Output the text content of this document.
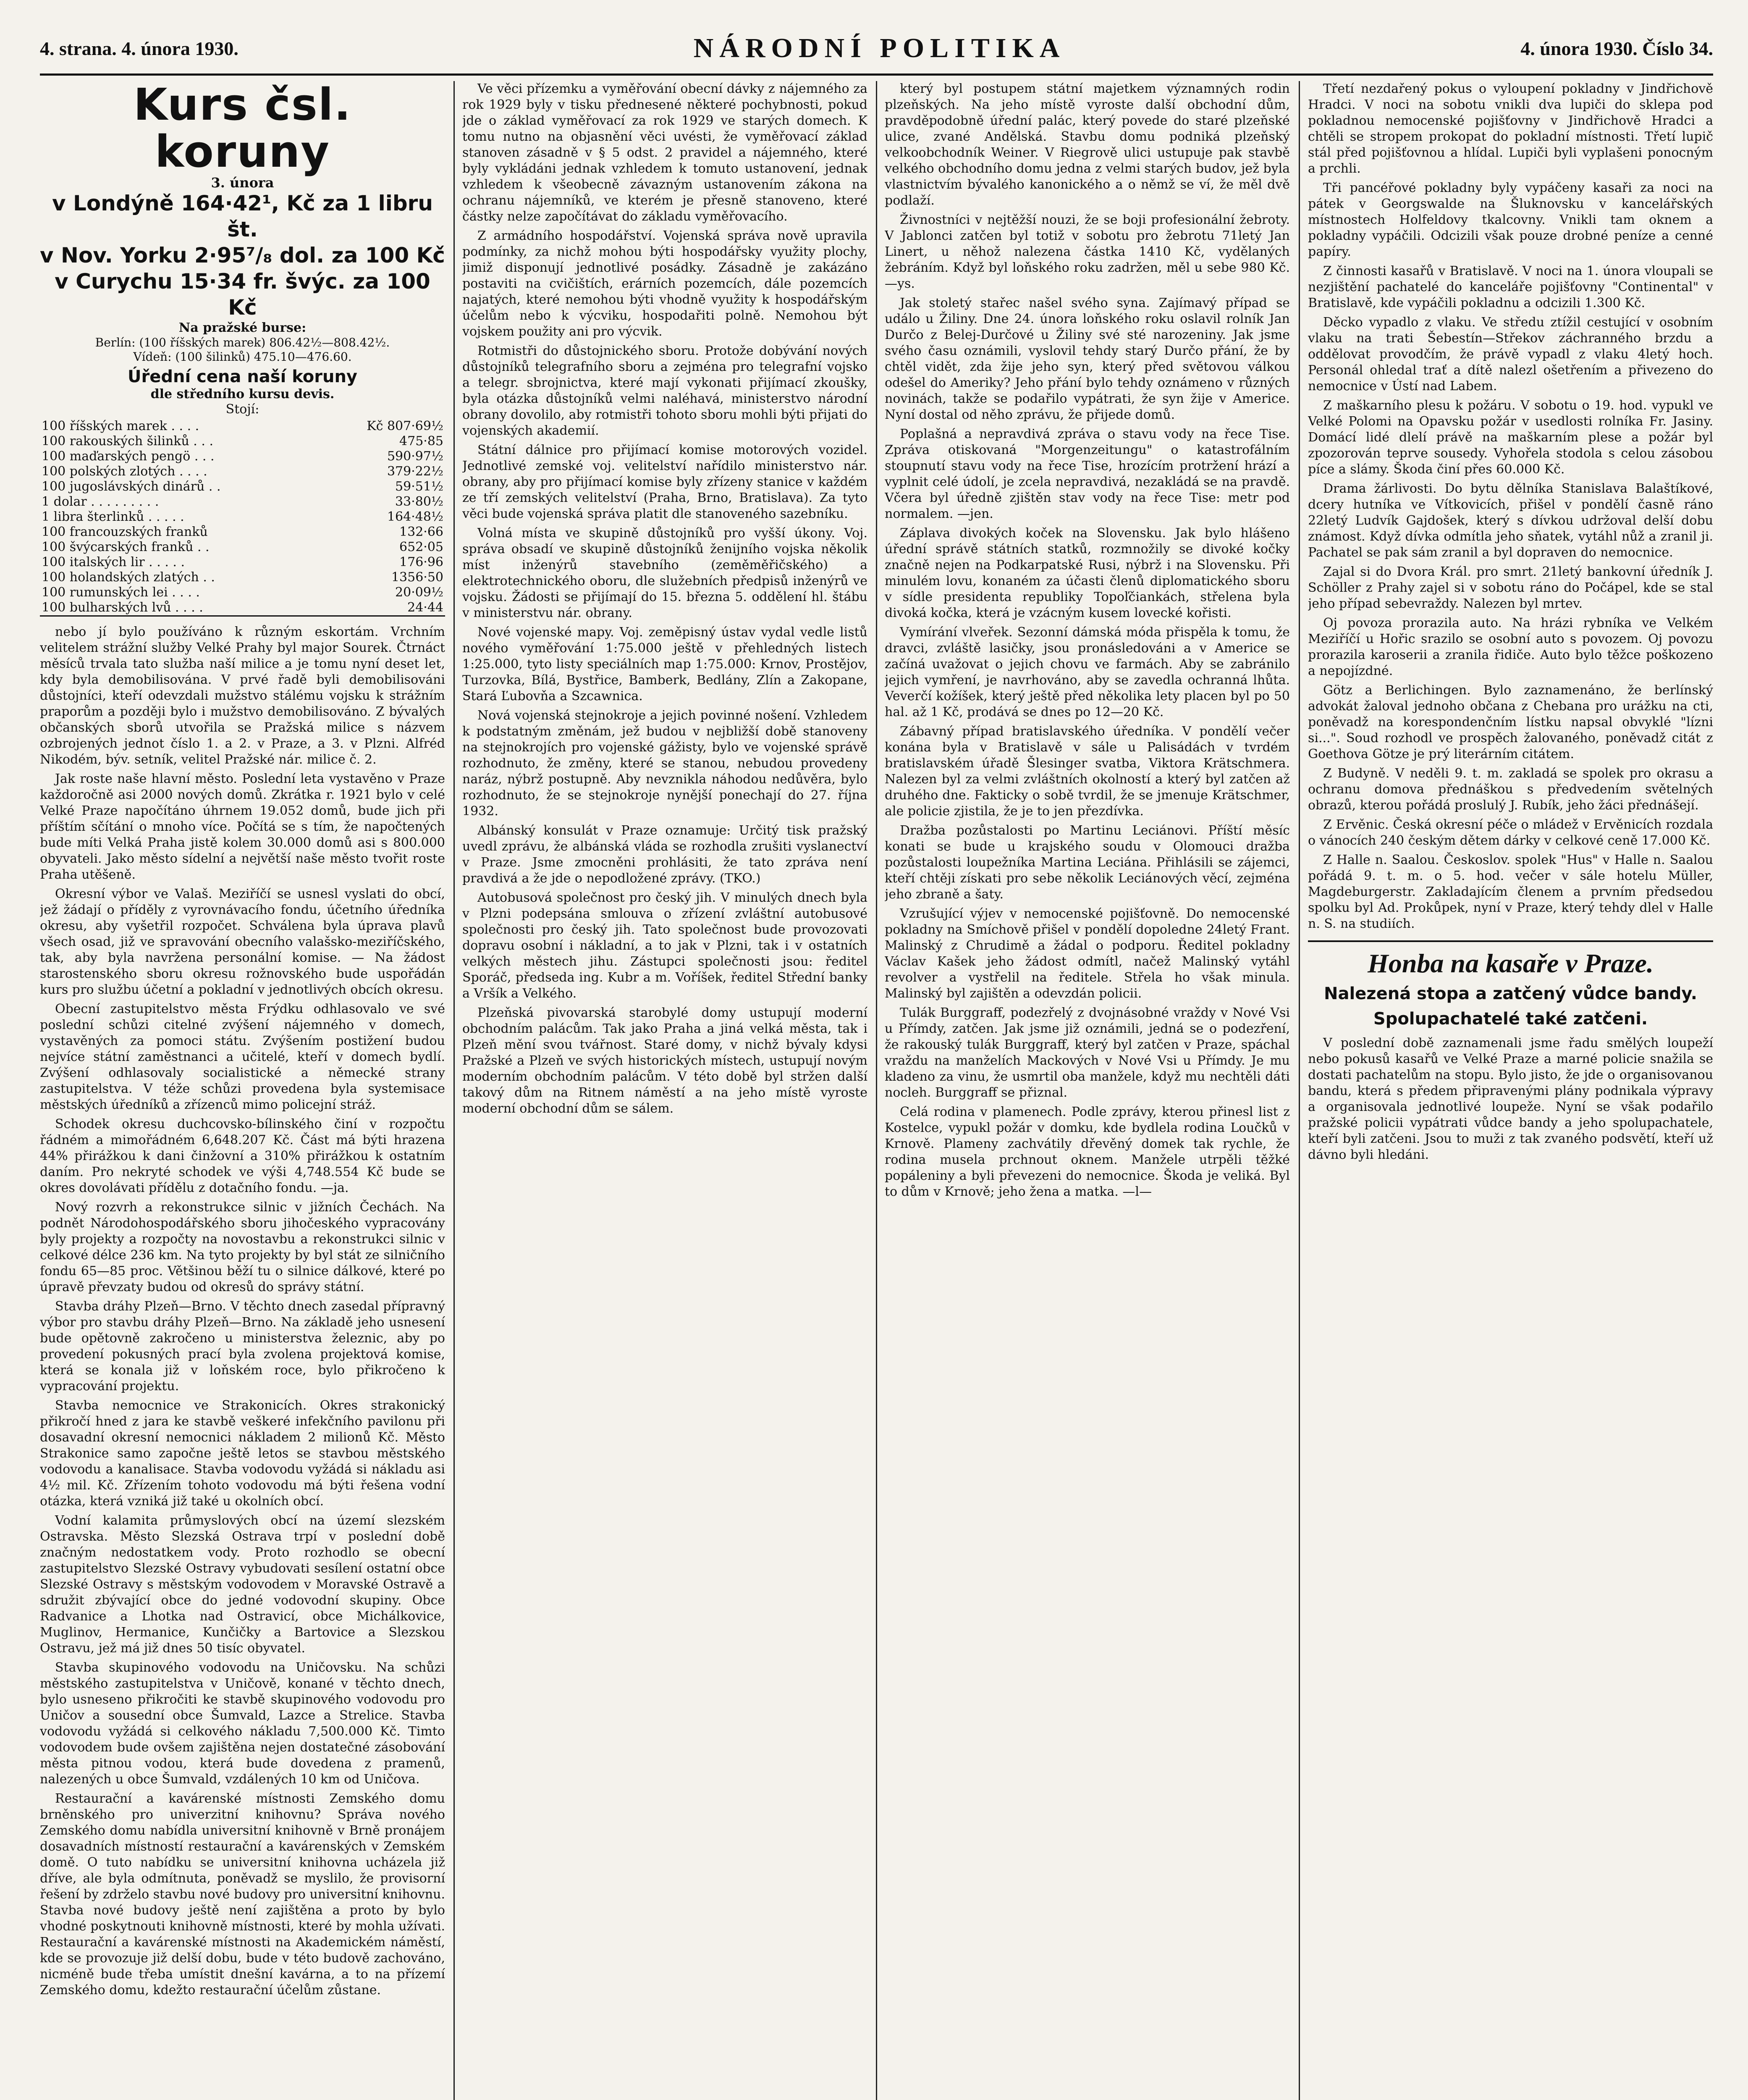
4. strana. 4. února 1930.	NÁRODNÍ POLITIKA	4. února 1930. Číslo 34.
Kurs čsl. koruny
3. února
v Londýně 164·42¹, Kč za 1 libru št.
v Nov. Yorku 2·95⁷/₈ dol. za 100 Kč
v Curychu 15·34 fr. švýc. za 100 Kč
Na pražské burse:
Berlín: (100 říšských marek) 806.42½—808.42½.
Vídeň: (100 šilinků) 475.10—476.60.
Úřední cena naší koruny
dle středního kursu devis.
Stojí:
100 říšských marek . . . .	Kč 807·69½
100 rakouských šilinků . . .	475·85
100 maďarských pengö . . .	590·97½
100 polských zlotých . . . .	379·22½
100 jugoslávských dinárů . .	59·51½
1 dolar . . . . . . . . .	33·80½
1 libra šterlinků . . . . .	164·48½
100 francouzských franků	132·66
100 švýcarských franků . .	652·05
100 italských lir . . . . .	176·96
100 holandských zlatých . .	1356·50
100 rumunských lei . . . .	20·09½
100 bulharských lvů . . . .	24·44

nebo jí bylo používáno k různým eskortám. Vrchním velitelem strážní služby Velké Prahy byl major Sourek. Čtrnáct měsíců trvala tato služba naší milice a je tomu nyní deset let, kdy byla demobilisována. V prvé řadě byli demobilisováni důstojníci, kteří odevzdali mužstvo stálému vojsku k strážním praporům a později bylo i mužstvo demobilisováno. Z bývalých občanských sborů utvořila se Pražská milice s názvem ozbrojených jednot číslo 1. a 2. v Praze, a 3. v Plzni. Alfréd Nikodém, býv. setník, velitel Pražské nár. milice č. 2.

Jak roste naše hlavní město. Poslední leta vystavěno v Praze každoročně asi 2000 nových domů. Zkrátka r. 1921 bylo v celé Velké Praze napočítáno úhrnem 19.052 domů, bude jich při příštím sčítání o mnoho více. Počítá se s tím, že napočtených bude míti Velká Praha jistě kolem 30.000 domů asi s 800.000 obyvateli. Jako město sídelní a největší naše město tvořit roste Praha utěšeně.

Okresní výbor ve Valaš. Meziříčí se usnesl vyslati do obcí, jež žádají o příděly z vyrovnávacího fondu, účetního úředníka okresu, aby vyšetřil rozpočet. Schválena byla úprava plavů všech osad, již ve spravování obecního valašsko-meziříčského, tak, aby byla navržena personální komise. — Na žádost starostenského sboru okresu rožnovského bude uspořádán kurs pro službu účetní a pokladní v jednotlivých obcích okresu.

Obecní zastupitelstvo města Frýdku odhlasovalo ve své poslední schůzi citelné zvýšení nájemného v domech, vystavěných za pomoci státu. Zvýšením postižení budou nejvíce státní zaměstnanci a učitelé, kteří v domech bydlí. Zvýšení odhlasovaly socialistické a německé strany zastupitelstva. V téže schůzi provedena byla systemisace městských úředníků a zřízenců mimo policejní stráž.

Schodek okresu duchcovsko-bílinského činí v rozpočtu řádném a mimořádném 6,648.207 Kč. Část má býti hrazena 44% přirážkou k dani činžovní a 310% přirážkou k ostatním daním. Pro nekryté schodek ve výši 4,748.554 Kč bude se okres dovolávati přídělu z dotačního fondu. —ja.

Nový rozvrh a rekonstrukce silnic v jižních Čechách. Na podnět Národohospodářského sboru jihočeského vypracovány byly projekty a rozpočty na novostavbu a rekonstrukci silnic v celkové délce 236 km. Na tyto projekty by byl stát ze silničního fondu 65—85 proc. Většinou běží tu o silnice dálkové, které po úpravě převzaty budou od okresů do správy státní.

Stavba dráhy Plzeň—Brno. V těchto dnech zasedal přípravný výbor pro stavbu dráhy Plzeň—Brno. Na základě jeho usnesení bude opětovně zakročeno u ministerstva železnic, aby po provedení pokusných prací byla zvolena projektová komise, která se konala již v loňském roce, bylo přikročeno k vypracování projektu.

Stavba nemocnice ve Strakonicích. Okres strakonický přikročí hned z jara ke stavbě veškeré infekčního pavilonu při dosavadní okresní nemocnici nákladem 2 milionů Kč. Město Strakonice samo započne ještě letos se stavbou městského vodovodu a kanalisace. Stavba vodovodu vyžádá si nákladu asi 4½ mil. Kč. Zřízením tohoto vodovodu má býti řešena vodní otázka, která vzniká již také u okolních obcí.

Vodní kalamita průmyslových obcí na území slezském Ostravska. Město Slezská Ostrava trpí v poslední době značným nedostatkem vody. Proto rozhodlo se obecní zastupitelstvo Slezské Ostravy vybudovati sesílení ostatní obce Slezské Ostravy s městským vodovodem v Moravské Ostravě a sdružit zbývající obce do jedné vodovodní skupiny. Obce Radvanice a Lhotka nad Ostravicí, obce Michálkovice, Muglinov, Hermanice, Kunčičky a Bartovice a Slezskou Ostravu, jež má již dnes 50 tisíc obyvatel.

Stavba skupinového vodovodu na Uničovsku. Na schůzi městského zastupitelstva v Uničově, konané v těchto dnech, bylo usneseno přikročiti ke stavbě skupinového vodovodu pro Uničov a sousední obce Šumvald, Lazce a Strelice. Stavba vodovodu vyžádá si celkového nákladu 7,500.000 Kč. Timto vodovodem bude ovšem zajištěna nejen dostatečné zásobování města pitnou vodou, která bude dovedena z pramenů, nalezených u obce Šumvald, vzdálených 10 km od Uničova.

Restaurační a kavárenské místnosti Zemského domu brněnského pro univerzitní knihovnu? Správa nového Zemského domu nabídla universitní knihovně v Brně pronájem dosavadních místností restaurační a kavárenských v Zemském domě. O tuto nabídku se universitní knihovna ucházela již dříve, ale byla odmítnuta, poněvadž se myslilo, že provisorní řešení by zdrželo stavbu nové budovy pro universitní knihovnu. Stavba nové budovy ještě není zajištěna a proto by bylo vhodné poskytnouti knihovně místnosti, které by mohla užívati. Restaurační a kavárenské místnosti na Akademickém náměstí, kde se provozuje již delší dobu, bude v této budově zachováno, nicméně bude třeba umístit dnešní kavárna, a to na přízemí Zemského domu, kdežto restaurační účelům zůstane.

Ve věci přízemku a vyměřování obecní dávky z nájemného za rok 1929 byly v tisku přednesené některé pochybnosti, pokud jde o základ vyměřovací za rok 1929 ve starých domech. K tomu nutno na objasnění věci uvésti, že vyměřovací základ stanoven zásadně v § 5 odst. 2 pravidel a nájemného, které byly vykládáni jednak vzhledem k tomuto ustanovení, jednak vzhledem k všeobecně závazným ustanovením zákona na ochranu nájemníků, ve kterém je přesně stanoveno, které částky nelze započítávat do základu vyměřovacího.

Z armádního hospodářství. Vojenská správa nově upravila podmínky, za nichž mohou býti hospodářsky využity plochy, jimiž disponují jednotlivé posádky. Zásadně je zakázáno postaviti na cvičištích, erárních pozemcích, dále pozemcích najatých, které nemohou býti vhodně využity k hospodářským účelům nebo k výcviku, hospodařiti polně. Nemohou být vojskem použity ani pro výcvik.

Rotmistři do důstojnického sboru. Protože dobývání nových důstojníků telegrafního sboru a zejména pro telegrafní vojsko a telegr. sbrojnictva, které mají vykonati přijímací zkoušky, byla otázka důstojníků velmi naléhavá, ministerstvo národní obrany dovolilo, aby rotmistři tohoto sboru mohli býti přijati do vojenských akademií.

Státní dálnice pro přijímací komise motorových vozidel. Jednotlivé zemské voj. velitelství nařídilo ministerstvo nár. obrany, aby pro přijímací komise byly zřízeny stanice v každém ze tří zemských velitelství (Praha, Brno, Bratislava). Za tyto věci bude vojenská správa platit dle stanoveného sazebníku.

Volná místa ve skupině důstojníků pro vyšší úkony. Voj. správa obsadí ve skupině důstojníků ženijního vojska několik míst inženýrů stavebního (zeměměřičského) a elektrotechnického oboru, dle služebních předpisů inženýrů ve vojsku. Žádosti se přijímají do 15. března 5. oddělení hl. štábu v ministerstvu nár. obrany.

Nové vojenské mapy. Voj. zeměpisný ústav vydal vedle listů nového vyměřování 1:75.000 ještě v přehledných listech 1:25.000, tyto listy speciálních map 1:75.000: Krnov, Prostějov, Turzovka, Bílá, Bystřice, Bamberk, Bedlány, Zlín a Zakopane, Stará Ľubovňa a Szcawnica.

Nová vojenská stejnokroje a jejich povinné nošení. Vzhledem k podstatným změnám, jež budou v nejbližší době stanoveny na stejnokrojích pro vojenské gážisty, bylo ve vojenské správě rozhodnuto, že změny, které se stanou, nebudou provedeny naráz, nýbrž postupně. Aby nevznikla náhodou nedůvěra, bylo rozhodnuto, že se stejnokroje nynější ponechají do 27. října 1932.

Albánský konsulát v Praze oznamuje: Určitý tisk pražský uvedl zprávu, že albánská vláda se rozhodla zrušiti vyslanectví v Praze. Jsme zmocněni prohlásiti, že tato zpráva není pravdivá a že jde o nepodložené zprávy. (TKO.)

Autobusová společnost pro český jih. V minulých dnech byla v Plzni podepsána smlouva o zřízení zvláštní autobusové společnosti pro český jih. Tato společnost bude provozovati dopravu osobní i nákladní, a to jak v Plzni, tak i v ostatních velkých městech jihu. Zástupci společnosti jsou: ředitel Sporáč, předseda ing. Kubr a m. Voříšek, ředitel Střední banky a Vršík a Velkého.

Plzeňská pivovarská starobylé domy ustupují moderní obchodním palácům. Tak jako Praha a jiná velká města, tak i Plzeň mění svou tvářnost. Staré domy, v nichž bývaly kdysi Pražské a Plzeň ve svých historických místech, ustupují novým moderním obchodním palácům. V této době byl stržen další takový dům na Ritnem náměstí a na jeho místě vyroste moderní obchodní dům se sálem.

který byl postupem státní majetkem významných rodin plzeňských. Na jeho místě vyroste další obchodní dům, pravděpodobně úřední palác, který povede do staré plzeňské ulice, zvané Andělská. Stavbu domu podniká plzeňský velkoobchodník Weiner. V Riegrově ulici ustupuje pak stavbě velkého obchodního domu jedna z velmi starých budov, jež byla vlastnictvím bývalého kanonického a o němž se ví, že měl dvě podlaží.

Živnostníci v nejtěžší nouzi, že se boji profesionální žebroty. V Jablonci zatčen byl totiž v sobotu pro žebrotu 71letý Jan Linert, u něhož nalezena částka 1410 Kč, vydělaných žebráním. Když byl loňského roku zadržen, měl u sebe 980 Kč. —ys.

Jak stoletý stařec našel svého syna. Zajímavý případ se událo u Žiliny. Dne 24. února loňského roku oslavil rolník Jan Durčo z Belej-Durčové u Žiliny své sté narozeniny. Jak jsme svého času oznámili, vyslovil tehdy starý Durčo přání, že by chtěl vidět, zda žije jeho syn, který před světovou válkou odešel do Ameriky? Jeho přání bylo tehdy oznámeno v různých novinách, takže se podařilo vypátrati, že syn žije v Americe. Nyní dostal od něho zprávu, že přijede domů.

Poplašná a nepravdivá zpráva o stavu vody na řece Tise. Zpráva otiskovaná "Morgenzeitungu" o katastrofálním stoupnutí stavu vody na řece Tise, hrozícím protržení hrází a vyplnit celé údolí, je zcela nepravdivá, nezakládá se na pravdě. Včera byl úředně zjištěn stav vody na řece Tise: metr pod normalem. —jen.

Záplava divokých koček na Slovensku. Jak bylo hlášeno úřední správě státních statků, rozmnožily se divoké kočky značně nejen na Podkarpatské Rusi, nýbrž i na Slovensku. Při minulém lovu, konaném za účasti členů diplomatického sboru v sídle presidenta republiky Topoľčiankách, střelena byla divoká kočka, která je vzácným kusem lovecké kořisti.

Vymírání vlveřek. Sezonní dámská móda přispěla k tomu, že dravci, zvláště lasičky, jsou pronásledováni a v Americe se začíná uvažovat o jejich chovu ve farmách. Aby se zabránilo jejich vymření, je navrhováno, aby se zavedla ochranná lhůta. Veverčí kožíšek, který ještě před několika lety placen byl po 50 hal. až 1 Kč, prodává se dnes po 12—20 Kč.

Zábavný případ bratislavského úředníka. V pondělí večer konána byla v Bratislavě v sále u Palisádách v tvrdém bratislavském úřadě Šlesinger svatba, Viktora Krätschmera. Nalezen byl za velmi zvláštních okolností a který byl zatčen až druhého dne. Fakticky o sobě tvrdil, že se jmenuje Krätschmer, ale policie zjistila, že je to jen přezdívka.

Dražba pozůstalosti po Martinu Leciánovi. Příští měsíc konati se bude u krajského soudu v Olomouci dražba pozůstalosti loupežníka Martina Leciána. Přihlásili se zájemci, kteří chtěji získati pro sebe několik Leciánových věcí, zejména jeho zbraně a šaty.

Vzrušující výjev v nemocenské pojišťovně. Do nemocenské pokladny na Smíchově přišel v pondělí dopoledne 24letý Frant. Malinský z Chrudimě a žádal o podporu. Ředitel pokladny Václav Kašek jeho žádost odmítl, načež Malinský vytáhl revolver a vystřelil na ředitele. Střela ho však minula. Malinský byl zajištěn a odevzdán policii.

Tulák Burggraff, podezřelý z dvojnásobné vraždy v Nové Vsi u Přímdy, zatčen. Jak jsme již oznámili, jedná se o podezření, že rakouský tulák Burggraff, který byl zatčen v Praze, spáchal vraždu na manželích Mackových v Nové Vsi u Přímdy. Je mu kladeno za vinu, že usmrtil oba manžele, když mu nechtěli dáti nocleh. Burggraff se přiznal.

Celá rodina v plamenech. Podle zprávy, kterou přinesl list z Kostelce, vypukl požár v domku, kde bydlela rodina Loučků v Krnově. Plameny zachvátily dřevěný domek tak rychle, že rodina musela prchnout oknem. Manžele utrpěli těžké popáleniny a byli převezeni do nemocnice. Škoda je veliká. Byl to dům v Krnově; jeho žena a matka. —l—

Třetí nezdařený pokus o vyloupení pokladny v Jindřichově Hradci. V noci na sobotu vnikli dva lupiči do sklepa pod pokladnou nemocenské pojišťovny v Jindřichově Hradci a chtěli se stropem prokopat do pokladní místnosti. Třetí lupič stál před pojišťovnou a hlídal. Lupiči byli vyplašeni ponocným a prchli.

Tři pancéřové pokladny byly vypáčeny kasaři za noci na pátek v Georgswalde na Šluknovsku v kancelářských místnostech Holfeldovy tkalcovny. Vnikli tam oknem a pokladny vypáčili. Odcizili však pouze drobné peníze a cenné papíry.

Z činnosti kasařů v Bratislavě. V noci na 1. února vloupali se nezjištění pachatelé do kanceláře pojišťovny "Continental" v Bratislavě, kde vypáčili pokladnu a odcizili 1.300 Kč.

Děcko vypadlo z vlaku. Ve středu ztížil cestující v osobním vlaku na trati Šebestín—Střekov záchranného brzdu a oddělovat provodčím, že právě vypadl z vlaku 4letý hoch. Personál ohledal trať a dítě nalezl ošetřením a přivezeno do nemocnice v Ústí nad Labem.

Z maškarního plesu k požáru. V sobotu o 19. hod. vypukl ve Velké Polomi na Opavsku požár v usedlosti rolníka Fr. Jasiny. Domácí lidé dlelí právě na maškarním plese a požár byl zpozorován teprve sousedy. Vyhořela stodola s celou zásobou píce a slámy. Škoda činí přes 60.000 Kč.

Drama žárlivosti. Do bytu dělníka Stanislava Balaštíkové, dcery hutníka ve Vítkovicích, přišel v pondělí časně ráno 22letý Ludvík Gajdošek, který s dívkou udržoval delší dobu známost. Když dívka odmítla jeho sňatek, vytáhl nůž a zranil ji. Pachatel se pak sám zranil a byl dopraven do nemocnice.

Zajal si do Dvora Král. pro smrt. 21letý bankovní úředník J. Schöller z Prahy zajel si v sobotu ráno do Počápel, kde se stal jeho případ sebevraždy. Nalezen byl mrtev.

Oj povoza prorazila auto. Na hrázi rybníka ve Velkém Meziříčí u Hořic srazilo se osobní auto s povozem. Oj povozu prorazila karoserii a zranila řidiče. Auto bylo těžce poškozeno a nepojízdné.

Götz a Berlichingen. Bylo zaznamenáno, že berlínský advokát žaloval jednoho občana z Chebana pro urážku na cti, poněvadž na korespondenčním lístku napsal obvyklé "lízni si...". Soud rozhodl ve prospěch žalovaného, poněvadž citát z Goethova Götze je prý literárním citátem.

Z Budyně. V neděli 9. t. m. zakladá se spolek pro okrasu a ochranu domova přednáškou s předvedením světelných obrazů, kterou pořádá proslulý J. Rubík, jeho žáci přednášejí.

Z Ervěnic. Česká okresní péče o mládež v Ervěnicích rozdala o vánocích 240 českým dětem dárky v celkové ceně 17.000 Kč.

Z Halle n. Saalou. Českoslov. spolek "Hus" v Halle n. Saalou pořádá 9. t. m. o 5. hod. večer v sále hotelu Müller, Magdeburgerstr. Zakladajícím členem a prvním předsedou spolku byl Ad. Prokůpek, nyní v Praze, který tehdy dlel v Halle n. S. na studiích.

Honba na kasaře v Praze.
Nalezená stopa a zatčený vůdce bandy.
Spolupachatelé také zatčeni.

V poslední době zaznamenali jsme řadu smělých loupeží nebo pokusů kasařů ve Velké Praze a marné policie snažila se dostati pachatelům na stopu. Bylo jisto, že jde o organisovanou bandu, která s předem připravenými plány podnikala výpravy a organisovala jednotlivé loupeže. Nyní se však podařilo pražské policii vypátrati vůdce bandy a jeho spolupachatele, kteří byli zatčeni. Jsou to muži z tak zvaného podsvětí, kteří už dávno byli hledáni.
